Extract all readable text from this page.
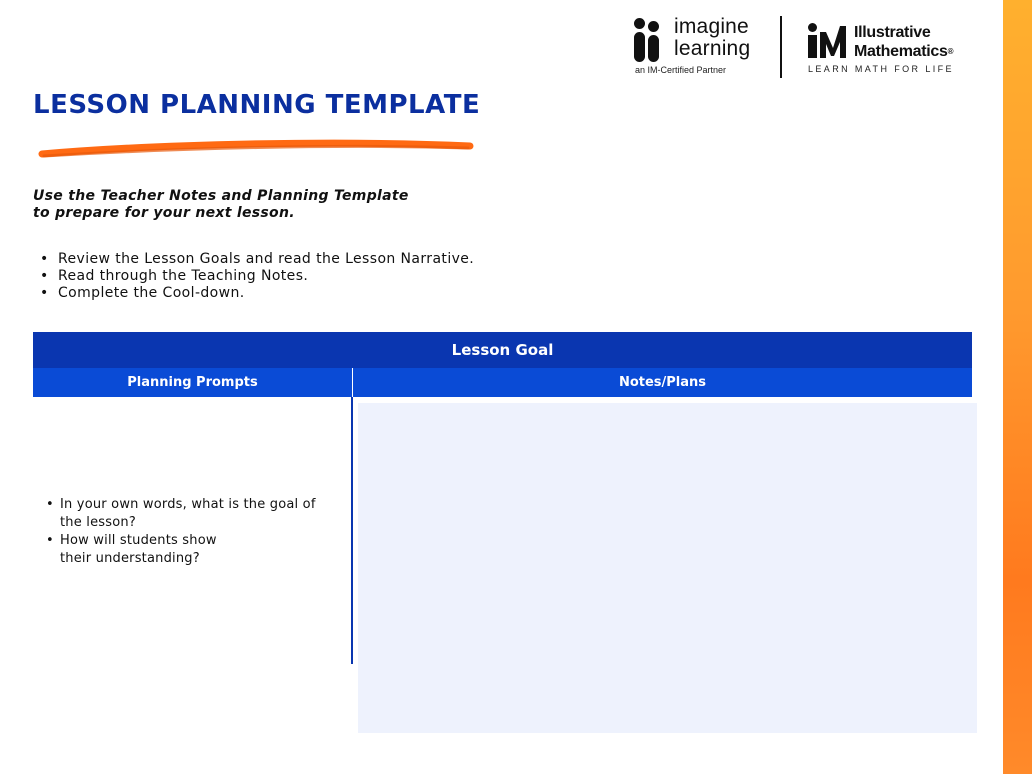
imagine
learning
an IM-Certified Partner
Illustrative
Mathematics®
LEARN MATH FOR LIFE
LESSON PLANNING TEMPLATE
Use the Teacher Notes and Planning Template
to prepare for your next lesson.
• Review the Lesson Goals and read the Lesson Narrative.
• Read through the Teaching Notes.
• Complete the Cool-down.
Lesson Goal
Planning Prompts	Notes/Plans
• In your own words, what is the goal of
the lesson?
• How will students show
their understanding?
